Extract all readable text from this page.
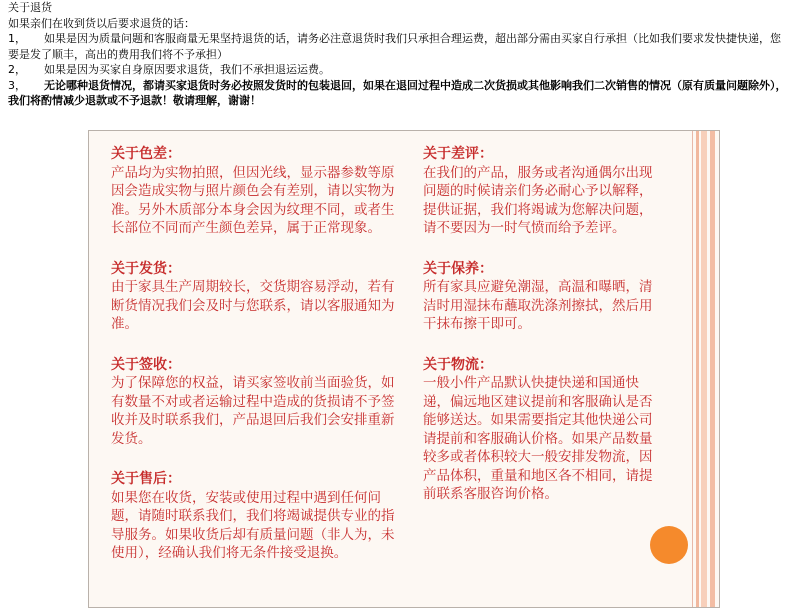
关于退货
如果亲们在收到货以后要求退货的话：
1， 如果是因为质量问题和客服商量无果坚持退货的话，请务必注意退货时我们只承担合理运费，超出部分需由买家自行承担（比如我们要求发快捷快递，您要是发了顺丰，高出的费用我们将不予承担）
2， 如果是因为买家自身原因要求退货，我们不承担退运运费。
3， 无论哪种退货情况，都请买家退货时务必按照发货时的包装退回，如果在退回过程中造成二次货损或其他影响我们二次销售的情况（原有质量问题除外），我们将酌情减少退款或不予退款！敬请理解，谢谢！
关于色差：

产品均为实物拍照，但因光线，显示器参数等原因会造成实物与照片颜色会有差别，请以实物为准。另外木质部分本身会因为纹理不同，或者生长部位不同而产生颜色差异，属于正常现象。

关于发货：

由于家具生产周期较长，交货期容易浮动，若有断货情况我们会及时与您联系，请以客服通知为准。

关于签收：

为了保障您的权益，请买家签收前当面验货，如有数量不对或者运输过程中造成的货损请不予签收并及时联系我们，产品退回后我们会安排重新发货。

关于售后：

如果您在收货，安装或使用过程中遇到任何问题，请随时联系我们，我们将竭诚提供专业的指导服务。如果收货后却有质量问题（非人为，未使用），经确认我们将无条件接受退换。

关于差评：

在我们的产品，服务或者沟通偶尔出现问题的时候请亲们务必耐心予以解释，提供证据，我们将竭诚为您解决问题，请不要因为一时气愤而给予差评。

关于保养：

所有家具应避免潮湿，高温和曝晒，清洁时用湿抹布蘸取洗涤剂擦拭，然后用干抹布擦干即可。

关于物流：

一般小件产品默认快捷快递和国通快递，偏远地区建议提前和客服确认是否能够送达。如果需要指定其他快递公司请提前和客服确认价格。如果产品数量较多或者体积较大一般安排发物流，因产品体积，重量和地区各不相同，请提前联系客服咨询价格。
